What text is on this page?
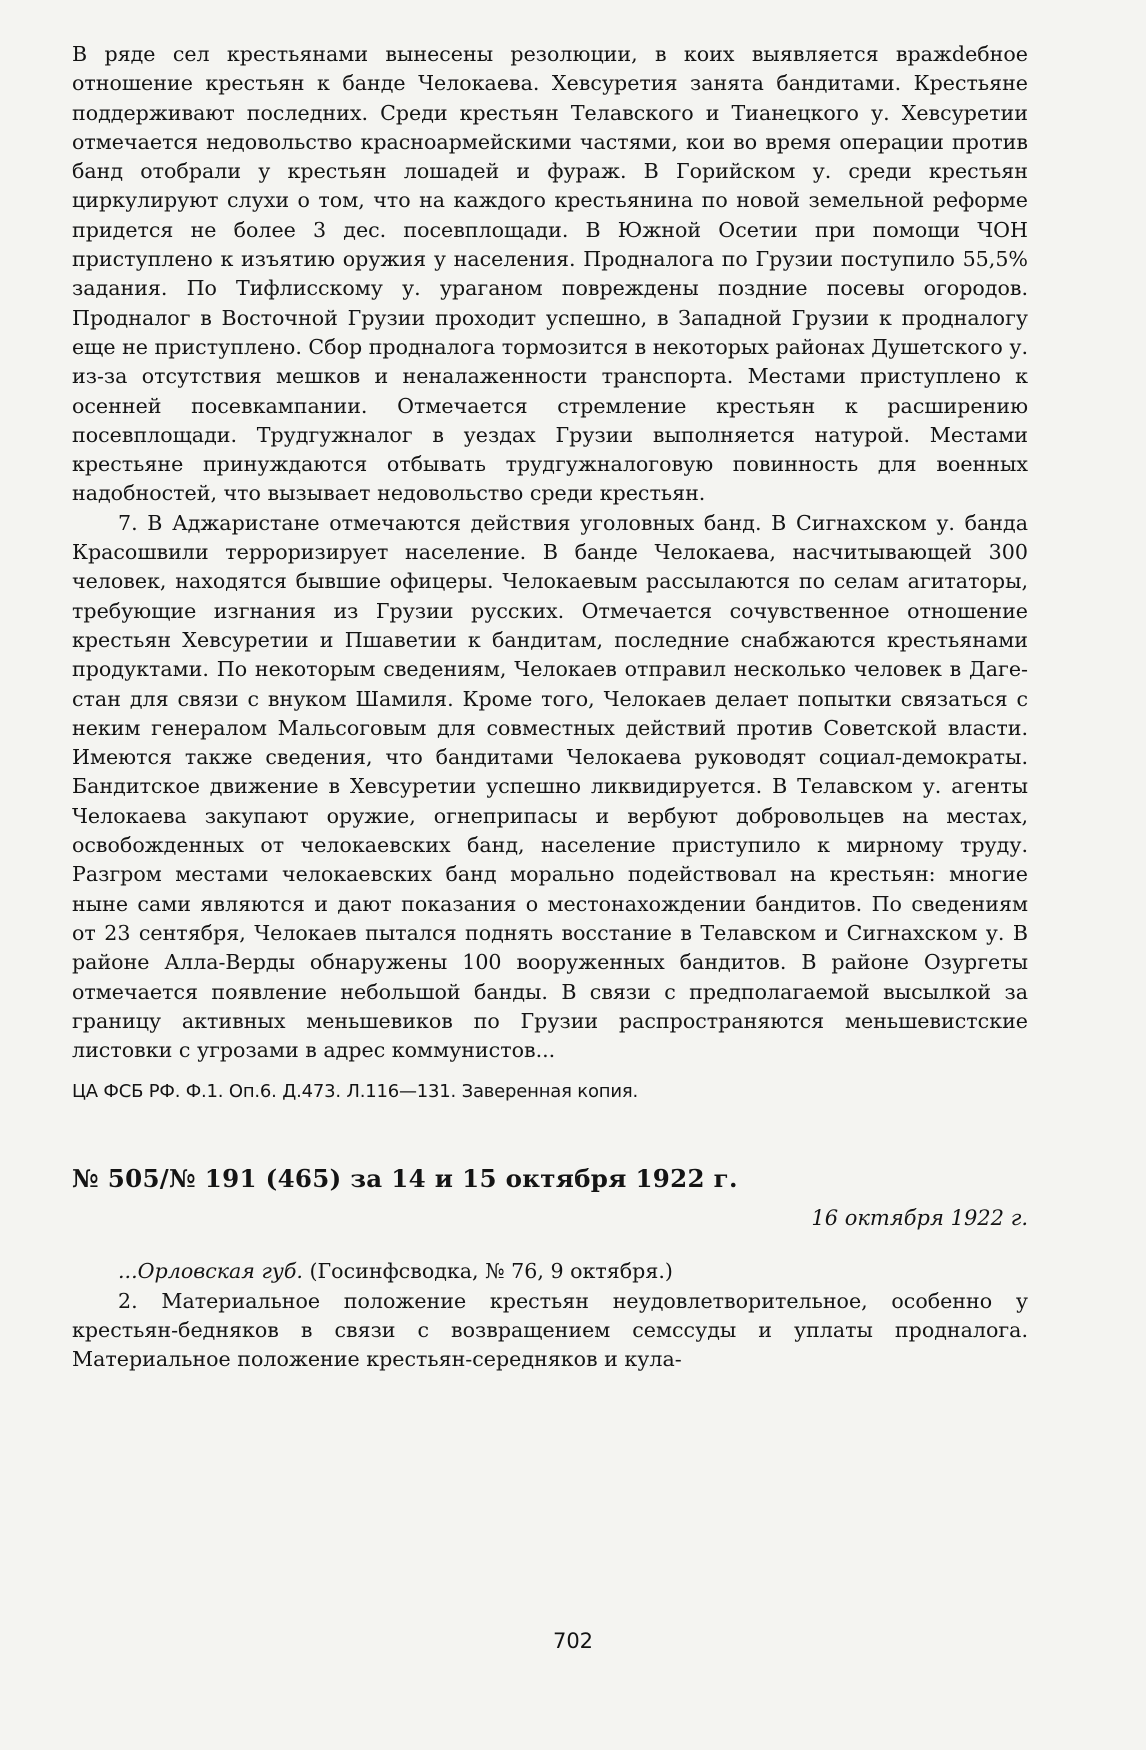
В ряде сел крестьянами вынесены резолюции, в коих выявляется вражdебное отношение крестьян к банде Челокаева. Хевсуретия занята бандитами. Крестьяне поддерживают последних. Среди крестьян Телавского и Тианецкого у. Хевсуретии отмечается недовольство красноармейскими частями, кои во время операции против банд отобрали у крестьян лошадей и фураж. В Горийском у. среди крестьян циркулируют слухи о том, что на каждого крестьянина по новой земельной реформе придется не более 3 дес. посевплощади. В Южной Осетии при помощи ЧОН приступлено к изъятию оружия у населения. Продналога по Грузии поступило 55,5% задания. По Тифлисскому у. ураганом повреждены поздние посевы огородов. Продналог в Восточной Грузии проходит успешно, в Западной Грузии к продналогу еще не приступлено. Сбор продналога тормозится в некоторых районах Душетского у. из-за отсутствия мешков и неналаженности транспорта. Местами приступлено к осенней посевкампании. Отмечается стремление крестьян к расширению посевплощади. Трудгужналог в уездах Грузии выполняется натурой. Местами крестьяне принуждаются отбывать трудгужналоговую повинность для военных надобностей, что вызывает недовольство среди крестьян.

7. В Аджаристане отмечаются действия уголовных банд. В Сигнахском у. банда Красошвили терроризирует население. В банде Челокаева, насчитывающей 300 человек, находятся бывшие офицеры. Челокаевым рассылаются по селам агитаторы, требующие изгнания из Грузии русских. Отмечается сочувственное отношение крестьян Хевсуретии и Пшаветии к бандитам, последние снабжаются крестьянами продуктами. По некоторым сведениям, Челокаев отправил несколько человек в Дагестан для связи с внуком Шамиля. Кроме того, Челокаев делает попытки связаться с неким генералом Мальсоговым для совместных действий против Советской власти. Имеются также сведения, что бандитами Челокаева руководят социал-демократы. Бандитское движение в Хевсуретии успешно ликвидируется. В Телавском у. агенты Челокаева закупают оружие, огнеприпасы и вербуют добровольцев на местах, освобожденных от челокаевских банд, население приступило к мирному труду. Разгром местами челокаевских банд морально подействовал на крестьян: многие ныне сами являются и дают показания о местонахождении бандитов. По сведениям от 23 сентября, Челокаев пытался поднять восстание в Телавском и Сигнахском у. В районе Алла-Верды обнаружены 100 вооруженных бандитов. В районе Озургеты отмечается появление небольшой банды. В связи с предполагаемой высылкой за границу активных меньшевиков по Грузии распространяются меньшевистские листовки с угрозами в адрес коммунистов...

ЦА ФСБ РФ. Ф.1. Оп.6. Д.473. Л.116—131. Заверенная копия.

№ 505/№ 191 (465) за 14 и 15 октября 1922 г.

16 октября 1922 г.

...Орловская губ. (Госинфсводка, № 76, 9 октября.)

2. Материальное положение крестьян неудовлетворительное, особенно у крестьян-бедняков в связи с возвращением семссуды и уплаты продналога. Материальное положение крестьян-середняков и кула-

702
